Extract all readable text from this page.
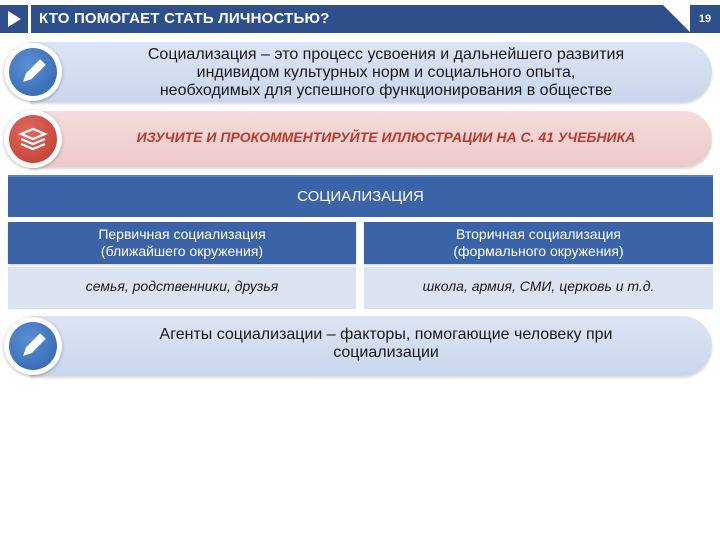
КТО ПОМОГАЕТ СТАТЬ ЛИЧНОСТЬЮ?	19
Социализация – это процесс усвоения и дальнейшего развития
индивидом культурных норм и социального опыта,
необходимых для успешного функционирования в обществе
ИЗУЧИТЕ И ПРОКОММЕНТИРУЙТЕ ИЛЛЮСТРАЦИИ НА С. 41 УЧЕБНИКА
СОЦИАЛИЗАЦИЯ
Первичная социализация
(ближайшего окружения)
Вторичная социализация
(формального окружения)
семья, родственники, друзья	школа, армия, СМИ, церковь и т.д.
Агенты социализации – факторы, помогающие человеку при
социализации
